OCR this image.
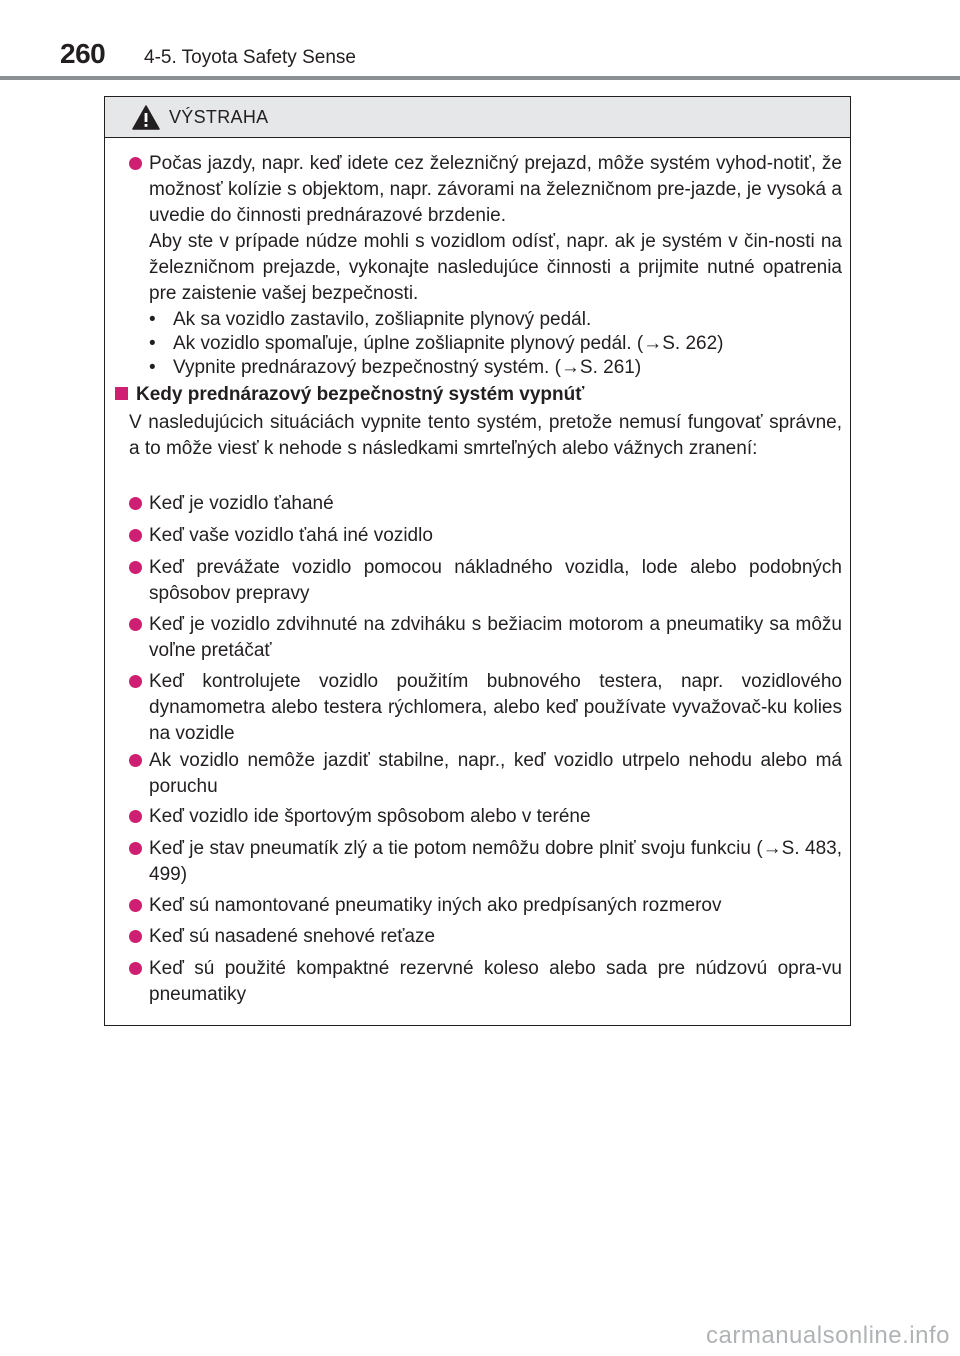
260 4-5. Toyota Safety Sense
VÝSTRAHA
Počas jazdy, napr. keď idete cez železničný prejazd, môže systém vyhod-notiť, že možnosť kolízie s objektom, napr. závorami na železničnom pre-jazde, je vysoká a uvedie do činnosti prednárazové brzdenie.
Aby ste v prípade núdze mohli s vozidlom odísť, napr. ak je systém v čin-nosti na železničnom prejazde, vykonajte nasledujúce činnosti a prijmite nutné opatrenia pre zaistenie vašej bezpečnosti.
• Ak sa vozidlo zastavilo, zošliapnite plynový pedál.
• Ak vozidlo spomaľuje, úplne zošliapnite plynový pedál. (→S. 262)
• Vypnite prednárazový bezpečnostný systém. (→S. 261)
Kedy prednárazový bezpečnostný systém vypnúť
V nasledujúcich situáciách vypnite tento systém, pretože nemusí fungovať správne, a to môže viesť k nehode s následkami smrteľných alebo vážnych zranení:
Keď je vozidlo ťahané
Keď vaše vozidlo ťahá iné vozidlo
Keď prevážate vozidlo pomocou nákladného vozidla, lode alebo podobných spôsobov prepravy
Keď je vozidlo zdvihnuté na zdviháku s bežiacim motorom a pneumatiky sa môžu voľne pretáčať
Keď kontrolujete vozidlo použitím bubnového testera, napr. vozidlového dynamometra alebo testera rýchlomera, alebo keď používate vyvažovač-ku kolies na vozidle
Ak vozidlo nemôže jazdiť stabilne, napr., keď vozidlo utrpelo nehodu alebo má poruchu
Keď vozidlo ide športovým spôsobom alebo v teréne
Keď je stav pneumatík zlý a tie potom nemôžu dobre plniť svoju funkciu (→S. 483, 499)
Keď sú namontované pneumatiky iných ako predpísaných rozmerov
Keď sú nasadené snehové reťaze
Keď sú použité kompaktné rezervné koleso alebo sada pre núdzovú opra-vu pneumatiky
carmanualsonline.info
